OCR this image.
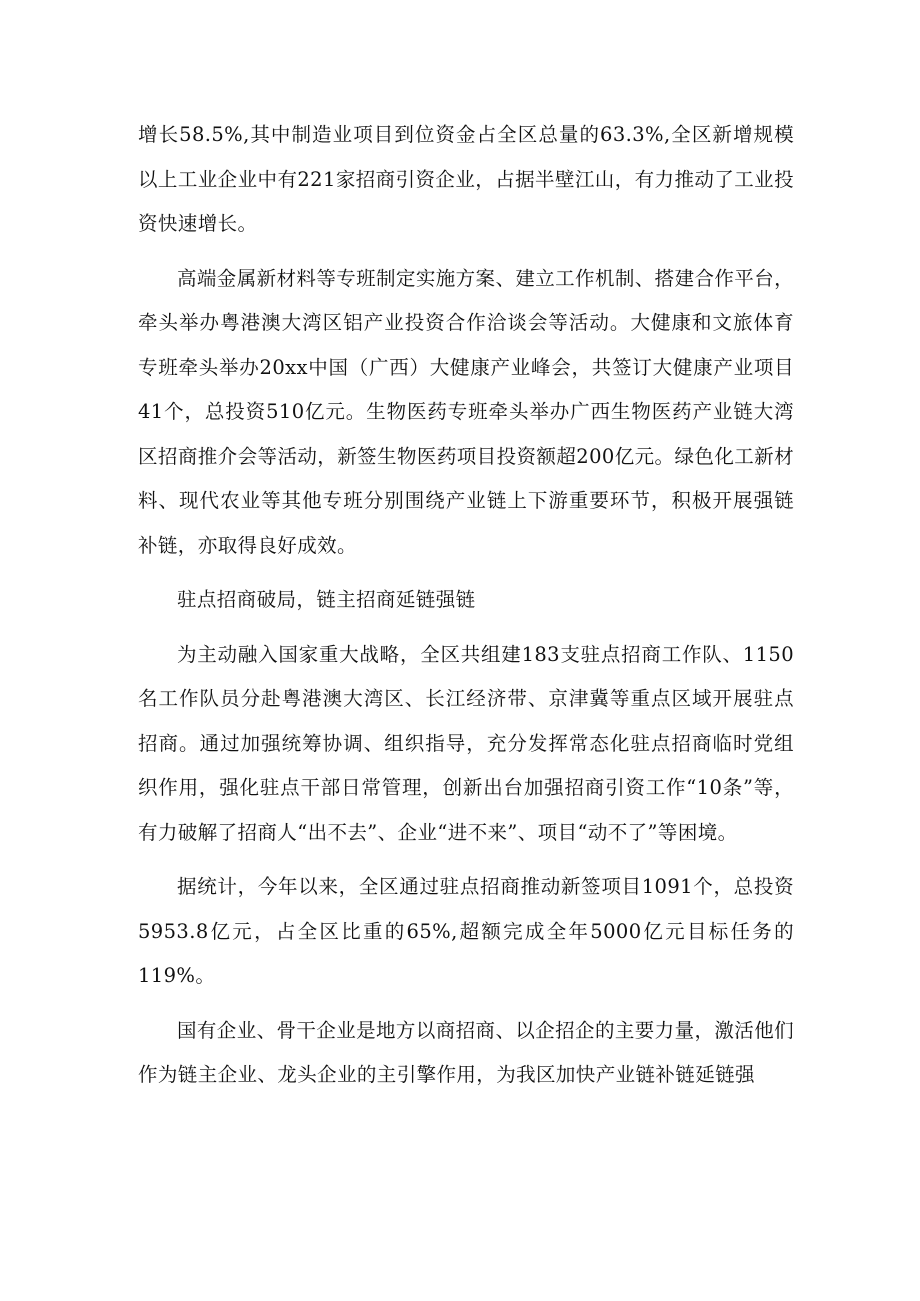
增长58.5%,其中制造业项目到位资金占全区总量的63.3%,全区新增规模以上工业企业中有221家招商引资企业，占据半壁江山，有力推动了工业投资快速增长。

高端金属新材料等专班制定实施方案、建立工作机制、搭建合作平台，牵头举办粤港澳大湾区铝产业投资合作洽谈会等活动。大健康和文旅体育专班牵头举办20xx中国（广西）大健康产业峰会，共签订大健康产业项目41个，总投资510亿元。生物医药专班牵头举办广西生物医药产业链大湾区招商推介会等活动，新签生物医药项目投资额超200亿元。绿色化工新材料、现代农业等其他专班分别围绕产业链上下游重要环节，积极开展强链补链，亦取得良好成效。

驻点招商破局，链主招商延链强链

为主动融入国家重大战略，全区共组建183支驻点招商工作队、1150名工作队员分赴粤港澳大湾区、长江经济带、京津冀等重点区域开展驻点招商。通过加强统筹协调、组织指导，充分发挥常态化驻点招商临时党组织作用，强化驻点干部日常管理，创新出台加强招商引资工作“10条”等，有力破解了招商人“出不去”、企业“进不来”、项目“动不了”等困境。

据统计，今年以来，全区通过驻点招商推动新签项目1091个，总投资5953.8亿元，占全区比重的65%,超额完成全年5000亿元目标任务的119%。

国有企业、骨干企业是地方以商招商、以企招企的主要力量，激活他们作为链主企业、龙头企业的主引擎作用，为我区加快产业链补链延链强
